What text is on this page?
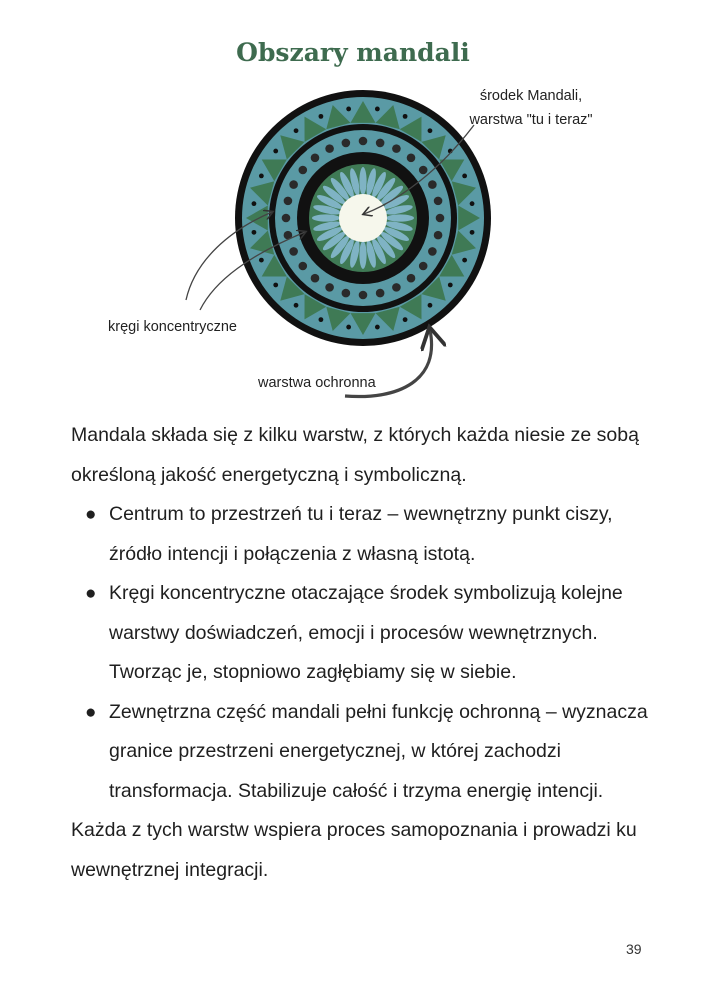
Obszary mandali
środek Mandali,
warstwa "tu i teraz"
kręgi koncentryczne
warstwa ochronna

Mandala składa się z kilku warstw, z których każda niesie ze sobą określoną jakość energetyczną i symboliczną.

● Centrum to przestrzeń tu i teraz – wewnętrzny punkt ciszy, źródło intencji i połączenia z własną istotą.
● Kręgi koncentryczne otaczające środek symbolizują kolejne warstwy doświadczeń, emocji i procesów wewnętrznych. Tworząc je, stopniowo zagłębiamy się w siebie.
● Zewnętrzna część mandali pełni funkcję ochronną – wyznacza granice przestrzeni energetycznej, w której zachodzi transformacja. Stabilizuje całość i trzyma energię intencji.

Każda z tych warstw wspiera proces samopoznania i prowadzi ku wewnętrznej integracji.

39
